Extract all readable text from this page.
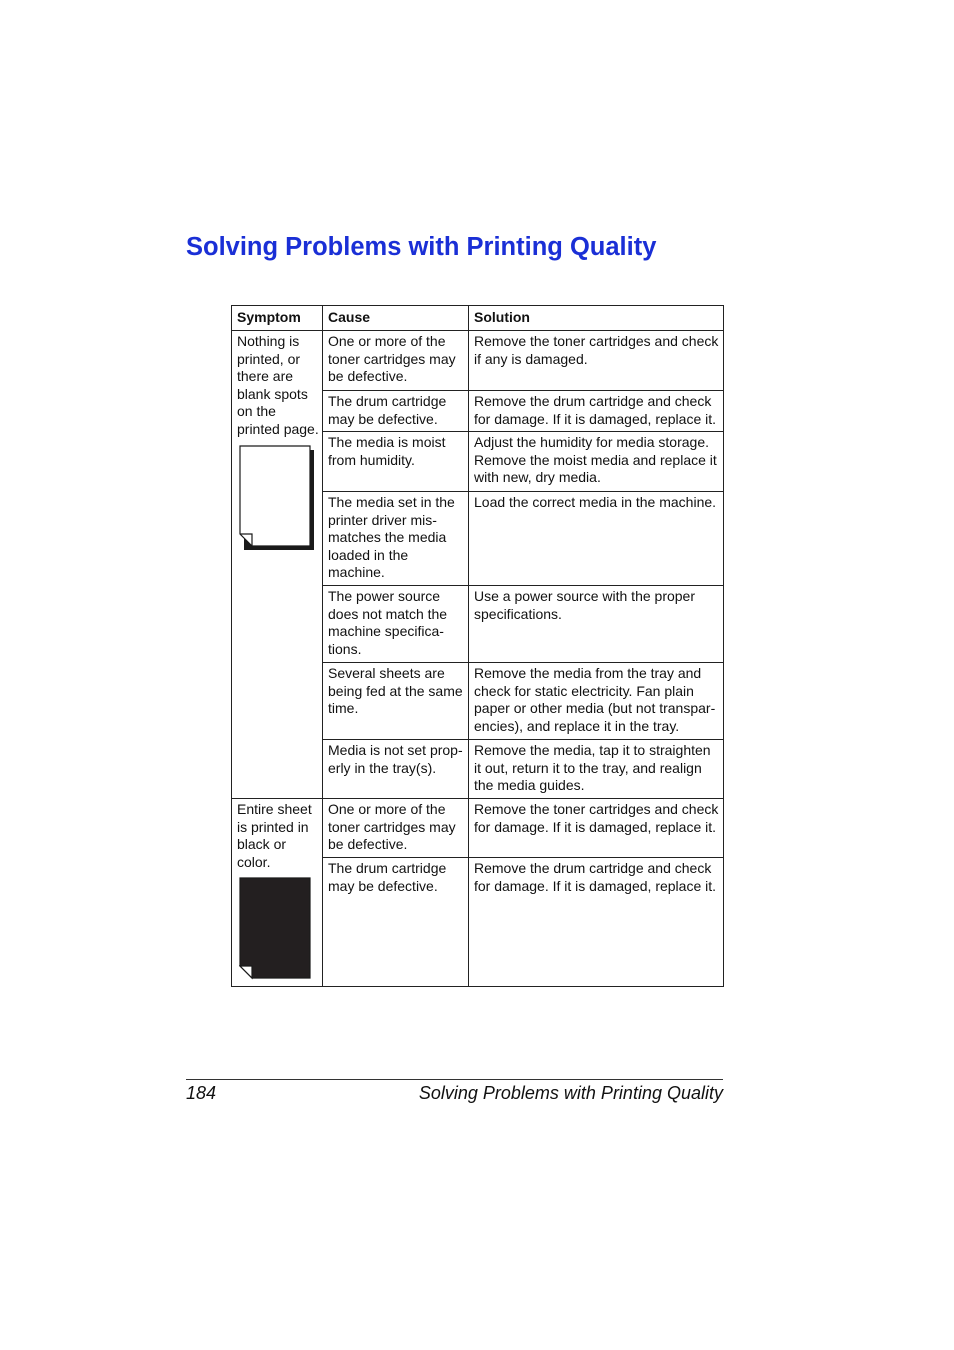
Solving Problems with Printing Quality
Symptom	Cause	Solution

Nothing is printed, or there are blank spots on the printed page.	One or more of the toner cartridges may be defective.	Remove the toner cartridges and check if any is damaged.
	The drum cartridge may be defective.	Remove the drum cartridge and check for damage. If it is damaged, replace it.
	The media is moist from humidity.	Adjust the humidity for media storage. Remove the moist media and replace it with new, dry media.
	The media set in the printer driver mis-matches the media loaded in the machine.	Load the correct media in the machine.
	The power source does not match the machine specifica-tions.	Use a power source with the proper specifications.
	Several sheets are being fed at the same time.	Remove the media from the tray and check for static electricity. Fan plain paper or other media (but not transpar-encies), and replace it in the tray.
	Media is not set prop-erly in the tray(s).	Remove the media, tap it to straighten it out, return it to the tray, and realign the media guides.

Entire sheet is printed in black or color.	One or more of the toner cartridges may be defective.	Remove the toner cartridges and check for damage. If it is damaged, replace it.
	The drum cartridge may be defective.	Remove the drum cartridge and check for damage. If it is damaged, replace it.
184	Solving Problems with Printing Quality
